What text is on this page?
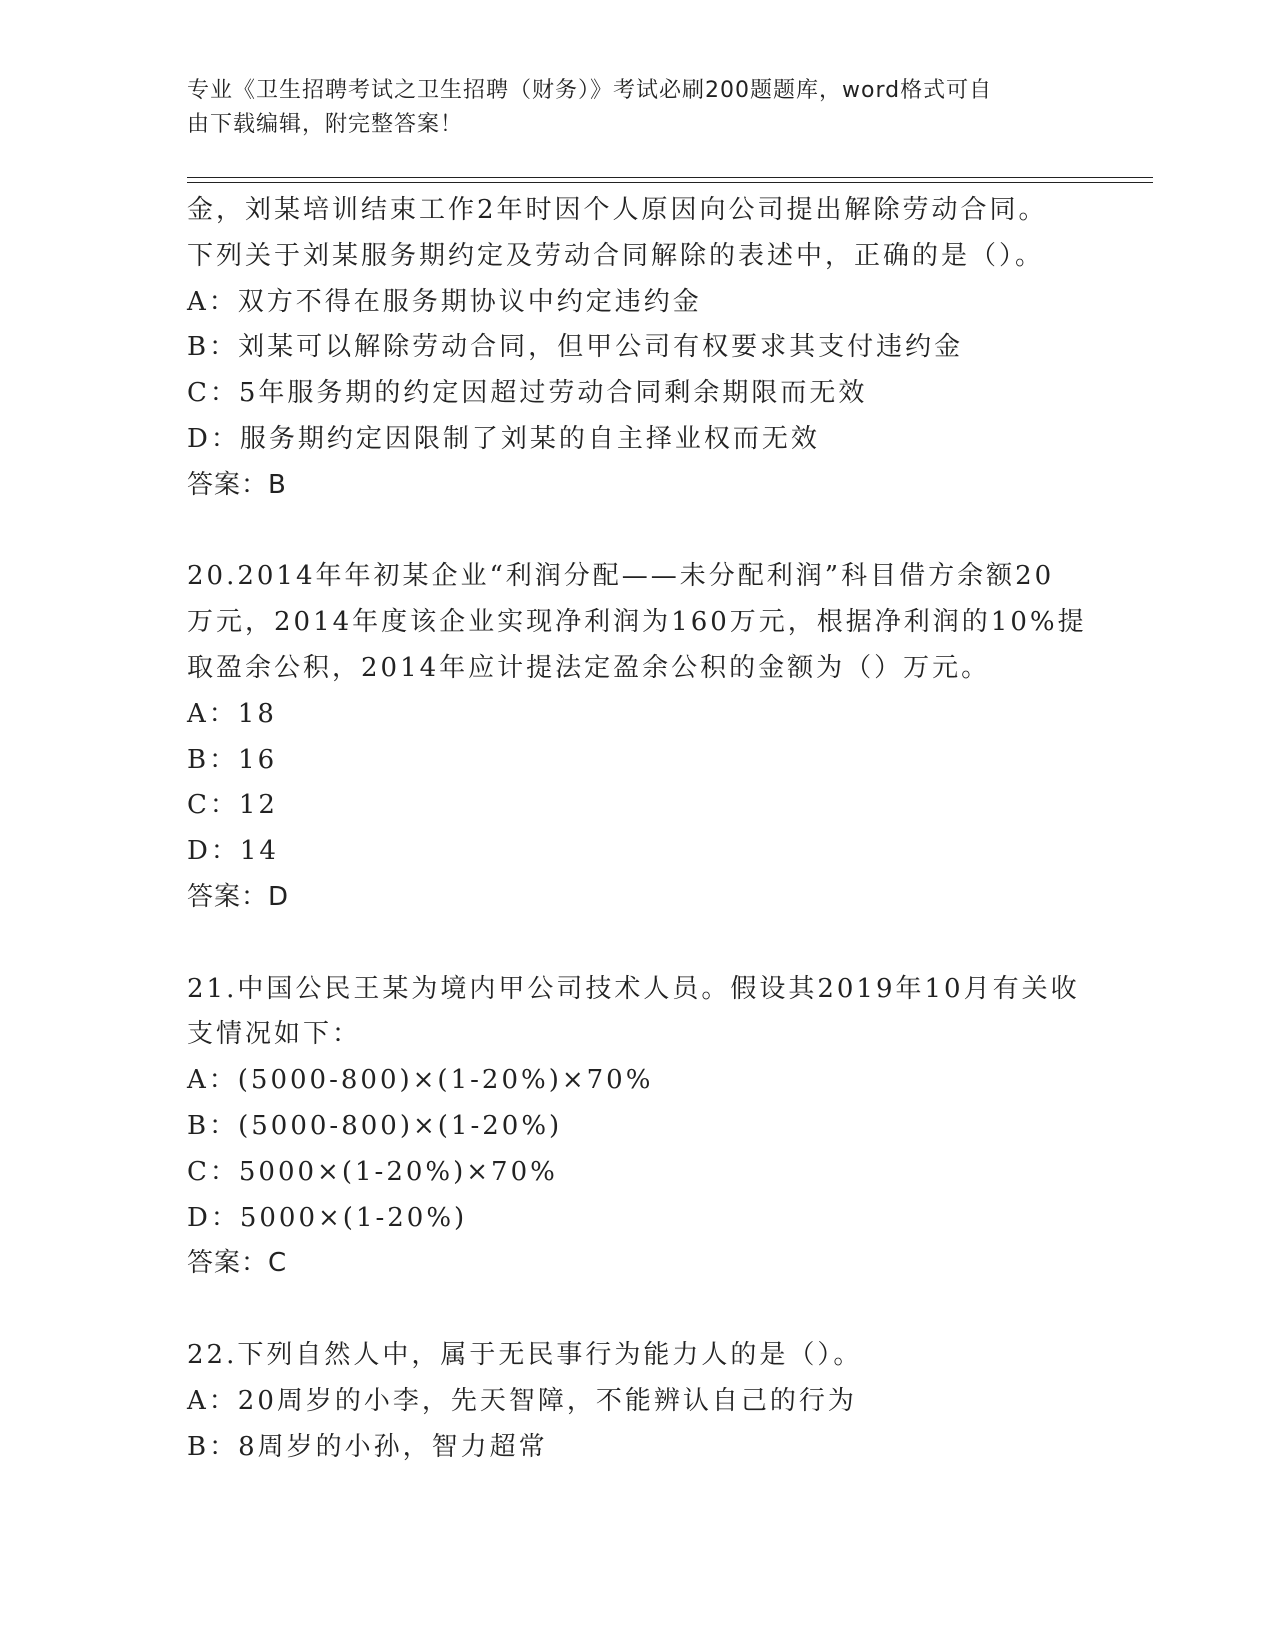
专业《卫生招聘考试之卫生招聘（财务）》考试必刷200题题库，word格式可自
由下载编辑，附完整答案！
金，刘某培训结束工作2年时因个人原因向公司提出解除劳动合同。
下列关于刘某服务期约定及劳动合同解除的表述中，正确的是（）。
A：双方不得在服务期协议中约定违约金
B：刘某可以解除劳动合同，但甲公司有权要求其支付违约金
C：5年服务期的约定因超过劳动合同剩余期限而无效
D：服务期约定因限制了刘某的自主择业权而无效
答案：B
20.2014年年初某企业“利润分配——未分配利润”科目借方余额20
万元，2014年度该企业实现净利润为160万元，根据净利润的10%提
取盈余公积，2014年应计提法定盈余公积的金额为（）万元。
A：18
B：16
C：12
D：14
答案：D
21.中国公民王某为境内甲公司技术人员。假设其2019年10月有关收
支情况如下：
A：(5000-800)×(1-20%)×70%
B：(5000-800)×(1-20%)
C：5000×(1-20%)×70%
D：5000×(1-20%)
答案：C
22.下列自然人中，属于无民事行为能力人的是（）。
A：20周岁的小李，先天智障，不能辨认自己的行为
B：8周岁的小孙，智力超常
